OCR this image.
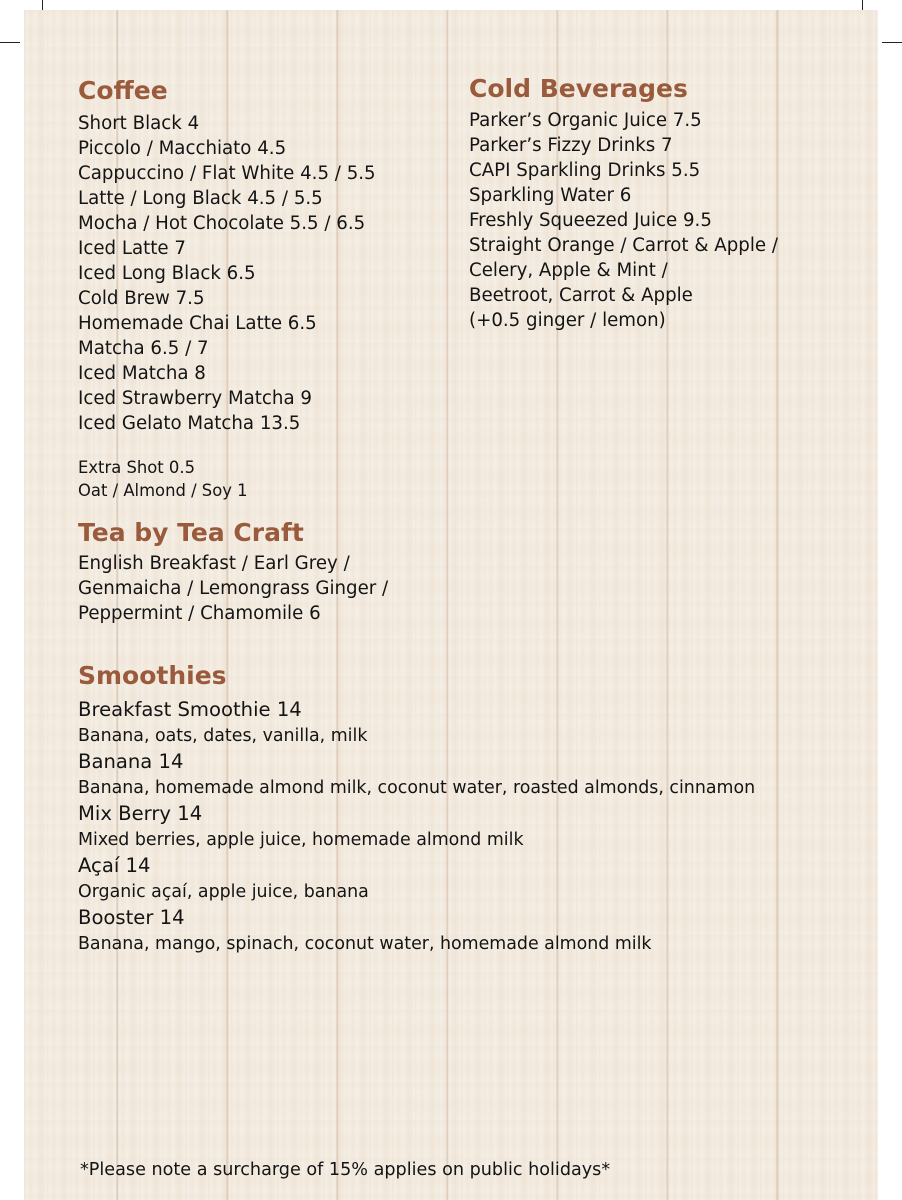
Coffee
Short Black 4
Piccolo / Macchiato 4.5
Cappuccino / Flat White 4.5 / 5.5
Latte / Long Black 4.5 / 5.5
Mocha / Hot Chocolate 5.5 / 6.5
Iced Latte 7
Iced Long Black 6.5
Cold Brew 7.5
Homemade Chai Latte 6.5
Matcha 6.5 / 7
Iced Matcha 8
Iced Strawberry Matcha 9
Iced Gelato Matcha 13.5
Extra Shot 0.5
Oat / Almond / Soy 1
Cold Beverages
Parker’s Organic Juice 7.5
Parker’s Fizzy Drinks 7
CAPI Sparkling Drinks 5.5
Sparkling Water 6
Freshly Squeezed Juice 9.5
Straight Orange / Carrot & Apple /
Celery, Apple & Mint /
Beetroot, Carrot & Apple
(+0.5 ginger / lemon)
Tea by Tea Craft
English Breakfast / Earl Grey /
Genmaicha / Lemongrass Ginger /
Peppermint / Chamomile 6
Smoothies
Breakfast Smoothie 14
Banana, oats, dates, vanilla, milk
Banana 14
Banana, homemade almond milk, coconut water, roasted almonds, cinnamon
Mix Berry 14
Mixed berries, apple juice, homemade almond milk
Açaí 14
Organic açaí, apple juice, banana
Booster 14
Banana, mango, spinach, coconut water, homemade almond milk
*Please note a surcharge of 15% applies on public holidays*
